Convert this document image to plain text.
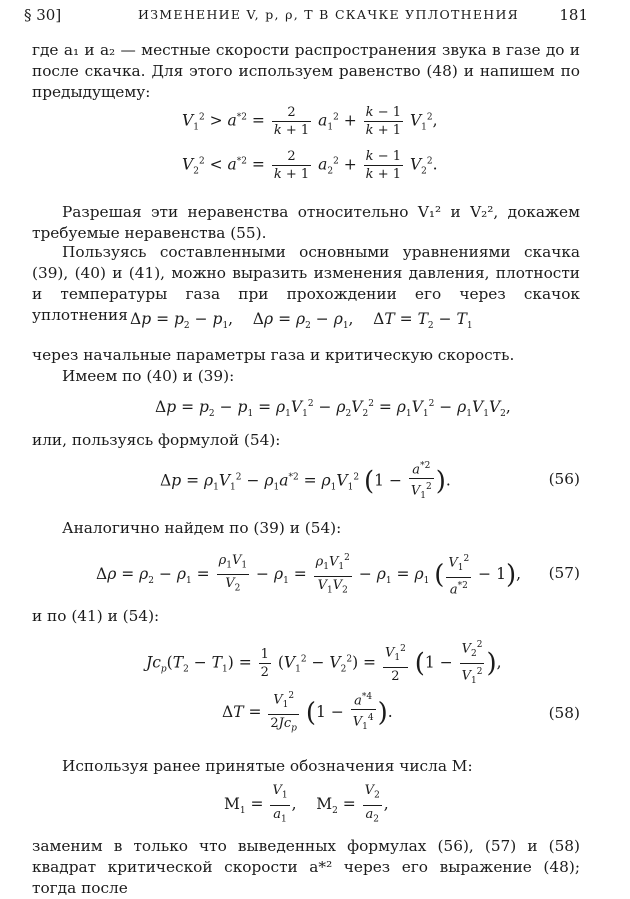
§ 30]	ИЗМЕНЕНИЕ V, p, ρ, T В СКАЧКЕ УПЛОТНЕНИЯ	181
где a₁ и a₂ — местные скорости распространения звука в газе до и после скачка. Для этого используем равенство (48) и напишем по предыдущему:
$V_1^2 > a^{*2} = \frac{2}{k + 1} a_1^2 + \frac{k - 1}{k + 1} V_1^2$,
$V_2^2 < a^{*2} = \frac{2}{k + 1} a_2^2 + \frac{k - 1}{k + 1} V_2^2$.
Разрешая эти неравенства относительно V₁² и V₂², докажем требуемые неравенства (55).
Пользуясь составленными основными уравнениями скачка (39), (40) и (41), можно выразить изменения давления, плотности и температуры газа при прохождении его через скачок уплотнения $\Delta p = p_2 - p_1$,    $\Delta\rho = \rho_2 - \rho_1$,    $\Delta T = T_2 - T_1$
через начальные параметры газа и критическую скорость.
Имеем по (40) и (39):
$\Delta p = p_2 - p_1 = \rho_1V_1^2 - \rho_2V_2^2 = \rho_1V_1^2 - \rho_1V_1V_2$,
или, пользуясь формулой (54):
$\Delta p = \rho_1V_1^2 - \rho_1a^{*2} = \rho_1V_1^2$ ($1 - \frac{a^{*2}}{V_1^2}$ ).	(56)
Аналогично найдем по (39) и (54):
$\Delta\rho = \rho_2 - \rho_1 = \frac{\rho_1V_1}{V_2} - \rho_1 = \frac{\rho_1V_1^2}{V_1V_2} - \rho_1 = \rho_1$ ( $\frac{V_1^2}{a^{*2}} - 1$), (57)
и по (41) и (54):
$Jc_p(T_2 - T_1) = \frac{1}{2} (V_1^2 - V_2^2) = \frac{V_1^2}{2} (1 - \frac{V_2^2}{V_1^2}$ ),
$\Delta T = \frac{V_1^2}{2Jc_p} (1 - \frac{a^{*4}}{V_1^4}$ ).	(58)
Используя ранее принятые обозначения числа M:
$M_1 = \frac{V_1}{a_1}$ ,    $M_2 = \frac{V_2}{a_2}$ ,
заменим в только что выведенных формулах (56), (57) и (58) квадрат критической скорости a*² через его выражение (48); тогда после
